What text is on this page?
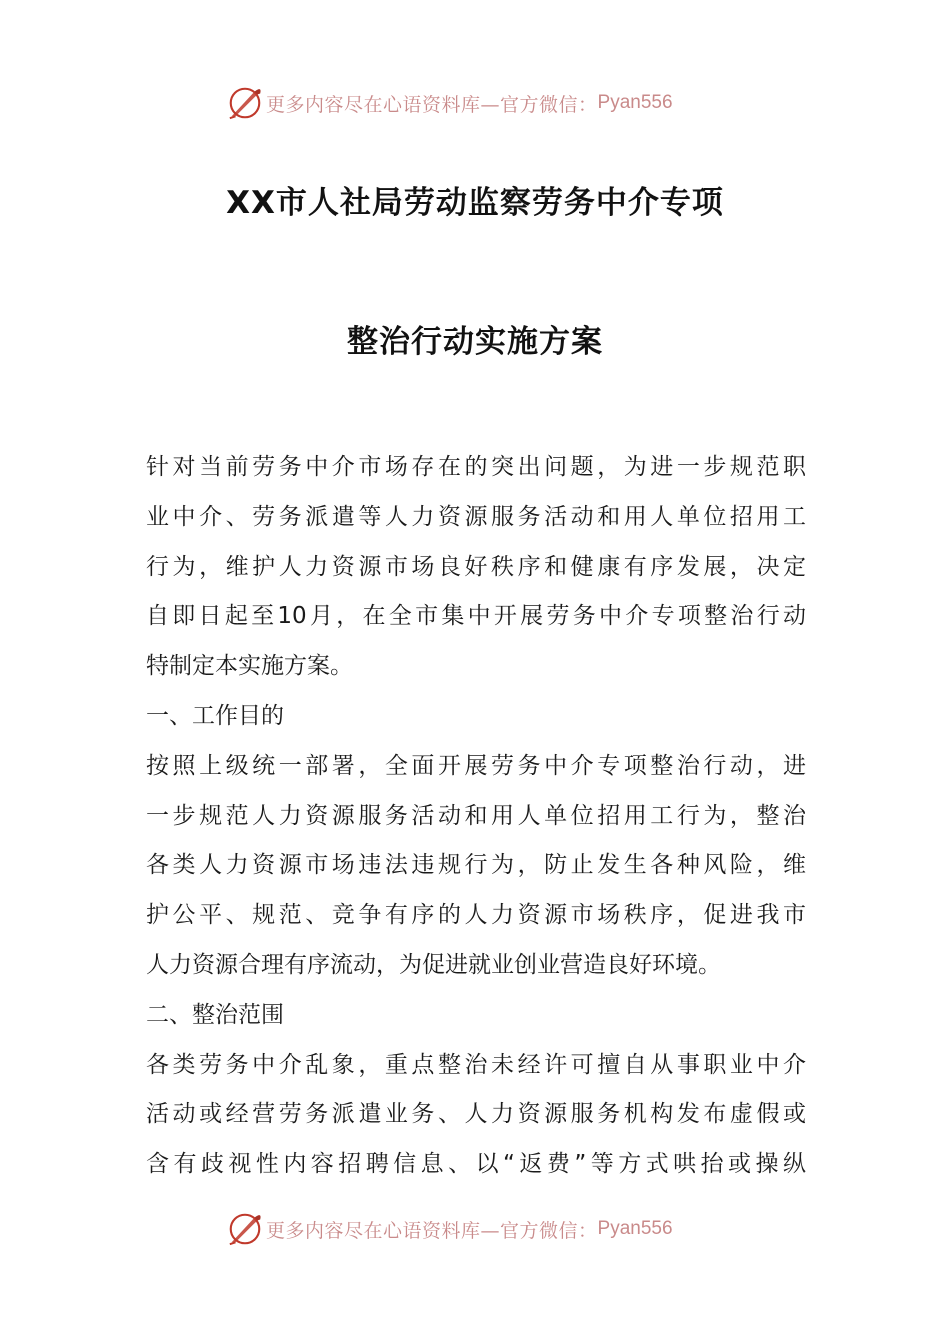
更多内容尽在心语资料库—官方微信： Pyan556
XX市人社局劳动监察劳务中介专项
整治行动实施方案
针对当前劳务中介市场存在的突出问题，为进一步规范职
业中介、劳务派遣等人力资源服务活动和用人单位招用工
行为，维护人力资源市场良好秩序和健康有序发展，决定
自即日起至10月，在全市集中开展劳务中介专项整治行动
特制定本实施方案。
一、工作目的
按照上级统一部署，全面开展劳务中介专项整治行动，进
一步规范人力资源服务活动和用人单位招用工行为，整治
各类人力资源市场违法违规行为，防止发生各种风险，维
护公平、规范、竞争有序的人力资源市场秩序，促进我市
人力资源合理有序流动，为促进就业创业营造良好环境。
二、整治范围
各类劳务中介乱象，重点整治未经许可擅自从事职业中介
活动或经营劳务派遣业务、人力资源服务机构发布虚假或
含有歧视性内容招聘信息、以“返费”等方式哄抬或操纵
更多内容尽在心语资料库—官方微信： Pyan556
